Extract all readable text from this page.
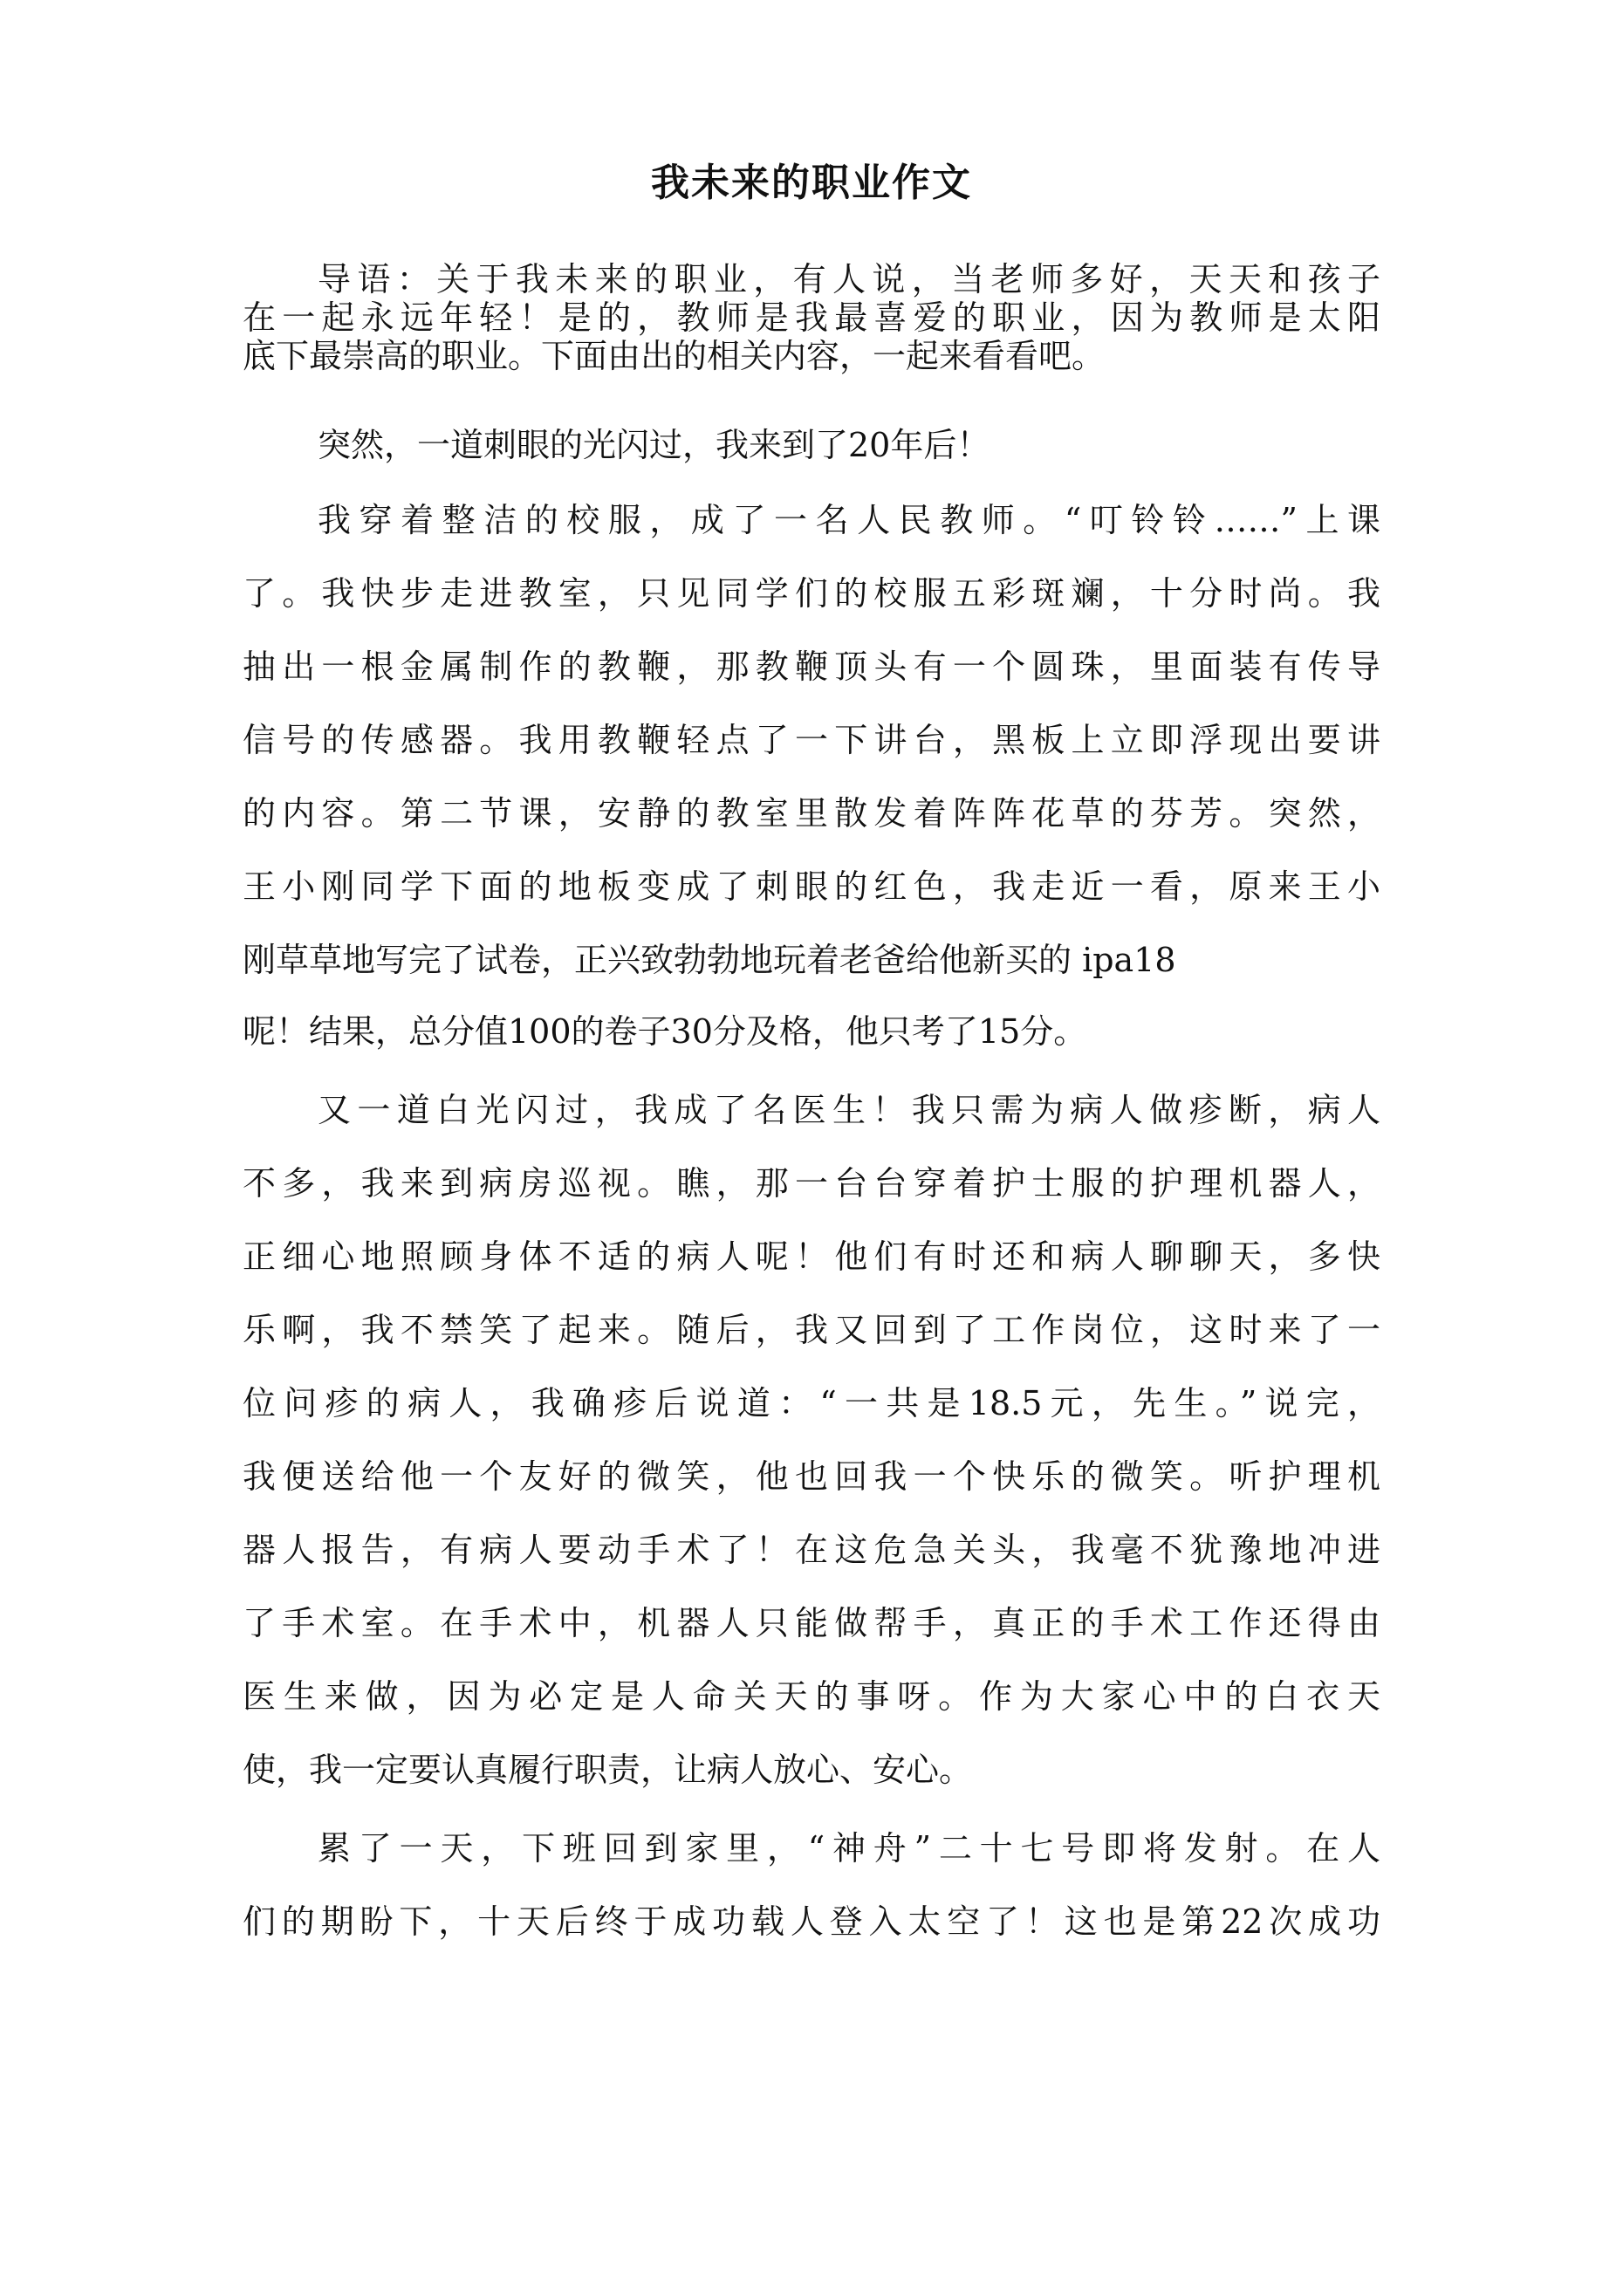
我未来的职业作文
导语：关于我未来的职业，有人说，当老师多好，天天和孩子
在一起永远年轻！是的，教师是我最喜爱的职业，因为教师是太阳
底下最崇高的职业。下面由出的相关内容，一起来看看吧。
突然，一道刺眼的光闪过，我来到了20年后！
我穿着整洁的校服，成了一名人民教师。“叮铃铃……”上课
了。我快步走进教室，只见同学们的校服五彩斑斓，十分时尚。我
抽出一根金属制作的教鞭，那教鞭顶头有一个圆珠，里面装有传导
信号的传感器。我用教鞭轻点了一下讲台，黑板上立即浮现出要讲
的内容。第二节课，安静的教室里散发着阵阵花草的芬芳。突然，
王小刚同学下面的地板变成了刺眼的红色，我走近一看，原来王小
刚草草地写完了试卷，正兴致勃勃地玩着老爸给他新买的 ipa18
呢！结果，总分值100的卷子30分及格，他只考了15分。
又一道白光闪过，我成了名医生！我只需为病人做疹断，病人
不多，我来到病房巡视。瞧，那一台台穿着护士服的护理机器人，
正细心地照顾身体不适的病人呢！他们有时还和病人聊聊天，多快
乐啊，我不禁笑了起来。随后，我又回到了工作岗位，这时来了一
位问疹的病人，我确疹后说道：“一共是18.5元，先生。”说完，
我便送给他一个友好的微笑，他也回我一个快乐的微笑。听护理机
器人报告，有病人要动手术了！在这危急关头，我毫不犹豫地冲进
了手术室。在手术中，机器人只能做帮手，真正的手术工作还得由
医生来做，因为必定是人命关天的事呀。作为大家心中的白衣天
使，我一定要认真履行职责，让病人放心、安心。
累了一天，下班回到家里，“神舟”二十七号即将发射。在人
们的期盼下，十天后终于成功载人登入太空了！这也是第22次成功
